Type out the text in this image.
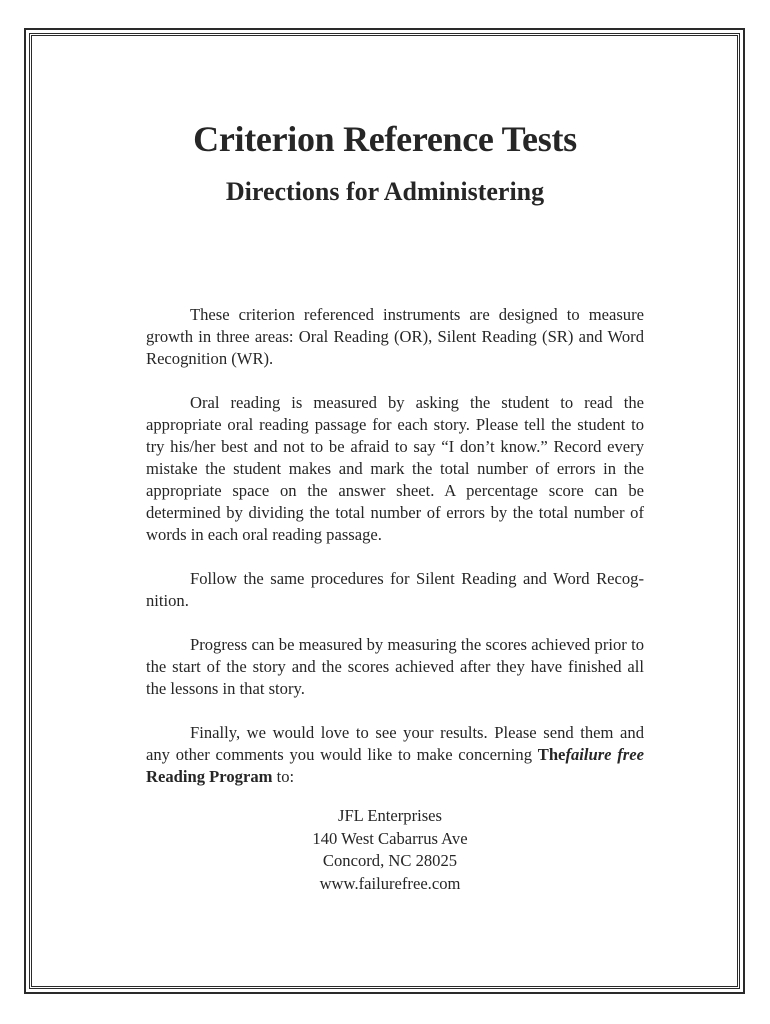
Criterion Reference Tests
Directions for Administering

These criterion referenced instruments are designed to measure growth in three areas: Oral Reading (OR), Silent Reading (SR) and Word Recognition (WR).

Oral reading is measured by asking the student to read the appropriate oral reading passage for each story. Please tell the student to try his/her best and not to be afraid to say “I don’t know.” Record every mistake the student makes and mark the total number of errors in the appropriate space on the answer sheet. A percentage score can be determined by dividing the total number of errors by the total number of words in each oral reading passage.

Follow the same procedures for Silent Reading and Word Recog-nition.

Progress can be measured by measuring the scores achieved prior to the start of the story and the scores achieved after they have finished all the lessons in that story.

Finally, we would love to see your results. Please send them and any other comments you would like to make concerning Thefailure free Reading Program to:

JFL Enterprises
140 West Cabarrus Ave
Concord, NC 28025
www.failurefree.com
